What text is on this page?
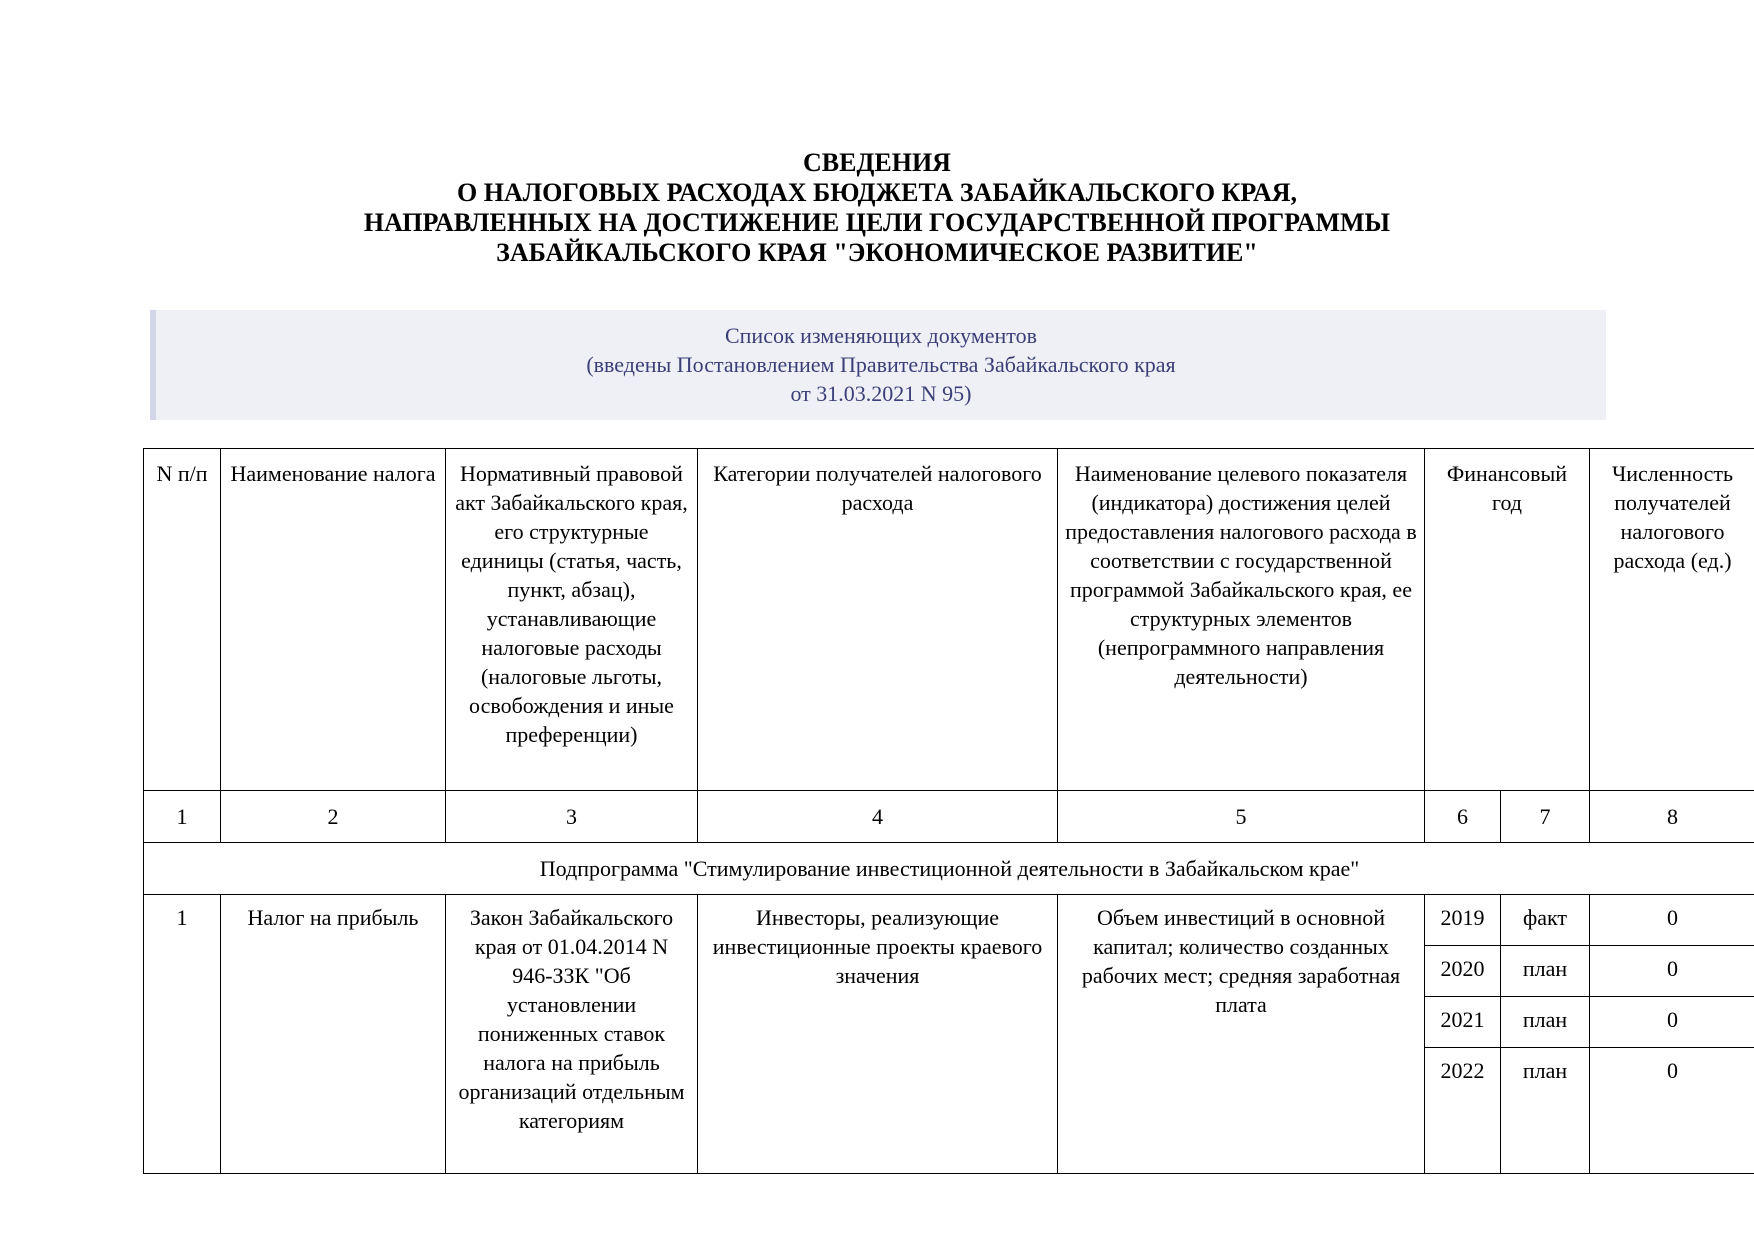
СВЕДЕНИЯ
О НАЛОГОВЫХ РАСХОДАХ БЮДЖЕТА ЗАБАЙКАЛЬСКОГО КРАЯ,
НАПРАВЛЕННЫХ НА ДОСТИЖЕНИЕ ЦЕЛИ ГОСУДАРСТВЕННОЙ ПРОГРАММЫ
ЗАБАЙКАЛЬСКОГО КРАЯ "ЭКОНОМИЧЕСКОЕ РАЗВИТИЕ"
Список изменяющих документов
(введены Постановлением Правительства Забайкальского края
от 31.03.2021 N 95)
N п/п	Наименование налога	Нормативный правовой акт Забайкальского края, его структурные единицы (статья, часть, пункт, абзац), устанавливающие налоговые расходы (налоговые льготы, освобождения и иные преференции)	Категории получателей налогового расхода	Наименование целевого показателя (индикатора) достижения целей предоставления налогового расхода в соответствии с государственной программой Забайкальского края, ее структурных элементов (непрограммного направления деятельности)	Финансовый год		Численность получателей налогового расхода (ед.)
1	2	3	4	5	6	7	8
Подпрограмма "Стимулирование инвестиционной деятельности в Забайкальском крае"							
1	Налог на прибыль	Закон Забайкальского края от 01.04.2014 N 946-ЗЗК "Об установлении пониженных ставок налога на прибыль организаций отдельным категориям	Инвесторы, реализующие инвестиционные проекты краевого значения	Объем инвестиций в основной капитал; количество созданных рабочих мест; средняя заработная плата	2019	факт	0
					2020	план	0
					2021	план	0
					2022	план	0
